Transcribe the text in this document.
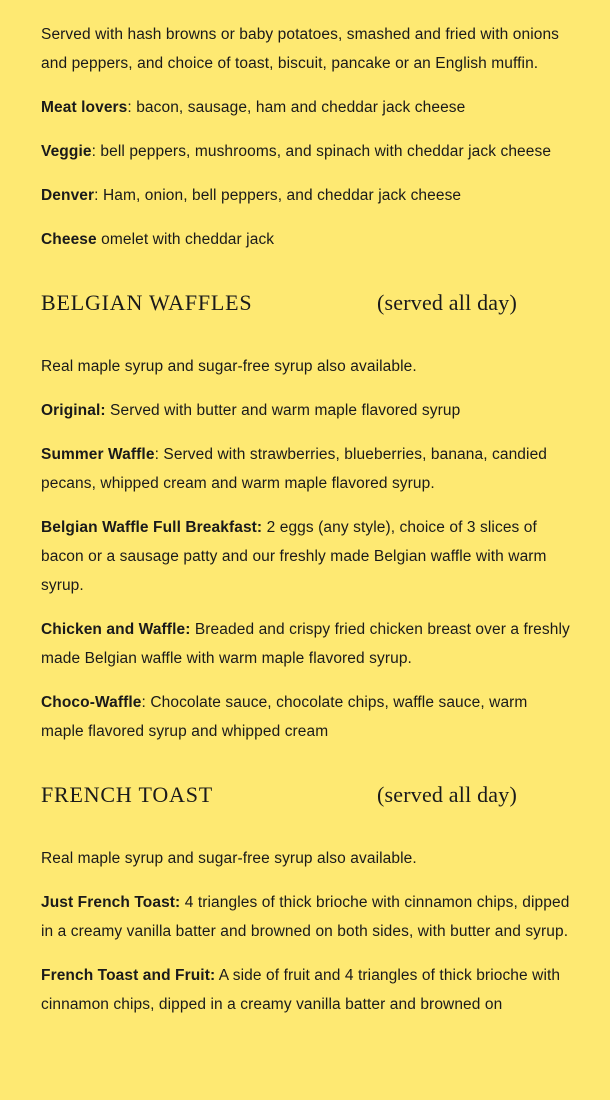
Served with hash browns or baby potatoes, smashed and fried with onions and peppers, and choice of toast, biscuit, pancake or an English muffin.

Meat lovers: bacon, sausage, ham and cheddar jack cheese

Veggie: bell peppers, mushrooms, and spinach with cheddar jack cheese

Denver: Ham, onion, bell peppers, and cheddar jack cheese

Cheese omelet with cheddar jack

BELGIAN WAFFLES	(served all day)

Real maple syrup and sugar-free syrup also available.

Original: Served with butter and warm maple flavored syrup

Summer Waffle: Served with strawberries, blueberries, banana, candied pecans, whipped cream and warm maple flavored syrup.

Belgian Waffle Full Breakfast: 2 eggs (any style), choice of 3 slices of bacon or a sausage patty and our freshly made Belgian waffle with warm syrup.

Chicken and Waffle: Breaded and crispy fried chicken breast over a freshly made Belgian waffle with warm maple flavored syrup.

Choco-Waffle: Chocolate sauce, chocolate chips, waffle sauce, warm maple flavored syrup and whipped cream

FRENCH TOAST	(served all day)

Real maple syrup and sugar-free syrup also available.

Just French Toast: 4 triangles of thick brioche with cinnamon chips, dipped in a creamy vanilla batter and browned on both sides, with butter and syrup.

French Toast and Fruit: A side of fruit and 4 triangles of thick brioche with cinnamon chips, dipped in a creamy vanilla batter and browned on
